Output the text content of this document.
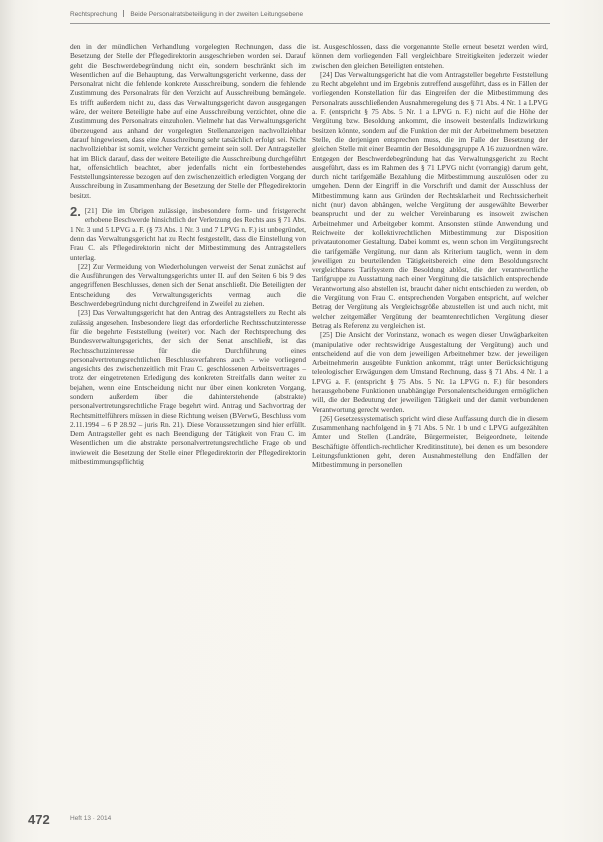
Rechtsprechung Beide Personalratsbeteiligung in der zweiten Leitungsebene

den in der mündlichen Verhandlung vorgelegten Rechnungen, dass die Besetzung der Stelle der Pflegedirektorin ausgeschrieben worden sei. Darauf geht die Beschwerdebegründung nicht ein, sondern beschränkt sich im Wesentlichen auf die Behauptung, das Verwaltungsgericht verkenne, dass der Personalrat nicht die fehlende konkrete Ausschreibung, sondern die fehlende Zustimmung des Personalrats für den Verzicht auf Ausschreibung bemängele. Es trifft außerdem nicht zu, dass das Verwaltungsgericht davon ausgegangen wäre, der weitere Beteiligte habe auf eine Ausschreibung verzichtet, ohne die Zustimmung des Personalrats einzuholen. Vielmehr hat das Verwaltungsgericht überzeugend aus anhand der vorgelegten Stellenanzeigen nachvollziehbar darauf hingewiesen, dass eine Ausschreibung sehr tatsächlich erfolgt sei. Nicht nachvollziehbar ist somit, welcher Verzicht gemeint sein soll. Der Antragsteller hat im Blick darauf, dass der weitere Beteiligte die Ausschreibung durchgeführt hat, offensichtlich beachtet, aber jedenfalls nicht ein fortbestehendes Feststellungsinteresse bezogen auf den zwischenzeitlich erledigten Vorgang der Ausschreibung in Zusammenhang der Besetzung der Stelle der Pflegedirektorin besitzt.

2. [21] Die im Übrigen zulässige, insbesondere form- und fristgerecht erhobene Beschwerde hinsichtlich der Verletzung des Rechts aus § 71 Abs. 1 Nr. 3 und 5 LPVG a. F. (§ 73 Abs. 1 Nr. 3 und 7 LPVG n. F.) ist unbegründet, denn das Verwaltungsgericht hat zu Recht festgestellt, dass die Einstellung von Frau C. als Pflegedirektorin nicht der Mitbestimmung des Antragstellers unterlag.

[22] Zur Vermeidung von Wiederholungen verweist der Senat zunächst auf die Ausführungen des Verwaltungsgerichts unter II. auf den Seiten 6 bis 9 des angegriffenen Beschlusses, denen sich der Senat anschließt. Die Beteiligten der Entscheidung des Verwaltungsgerichts vermag auch die Beschwerdebegründung nicht durchgreifend in Zweifel zu ziehen.

[23] Das Verwaltungsgericht hat den Antrag des Antragstellers zu Recht als zulässig angesehen. Insbesondere liegt das erforderliche Rechtsschutzinteresse für die begehrte Feststellung (weiter) vor. Nach der Rechtsprechung des Bundesverwaltungsgerichts, der sich der Senat anschließt, ist das Rechtsschutzinteresse für die Durchführung eines personalvertretungsrechtlichen Beschlussverfahrens auch – wie vorliegend angesichts des zwischenzeitlich mit Frau C. geschlossenen Arbeitsvertrages – trotz der eingetretenen Erledigung des konkreten Streitfalls dann weiter zu bejahen, wenn eine Entscheidung nicht nur über einen konkreten Vorgang, sondern außerdem über die dahinterstehende (abstrakte) personalvertretungsrechtliche Frage begehrt wird. Antrag und Sachvortrag der Rechtsmittelführers müssen in diese Richtung weisen (BVerwG, Beschluss vom 2.11.1994 – 6 P 28.92 – juris Rn. 21). Diese Voraussetzungen sind hier erfüllt. Dem Antragsteller geht es nach Beendigung der Tätigkeit von Frau C. im Wesentlichen um die abstrakte personalvertretungsrechtliche Frage ob und inwieweit die Besetzung der Stelle einer Pflegedirektorin der Pflegedirektorin mitbestimmungspflichtig

ist. Ausgeschlossen, dass die vorgenannte Stelle erneut besetzt werden wird, können dem vorliegenden Fall vergleichbare Streitigkeiten jederzeit wieder zwischen den gleichen Beteiligten entstehen.

[24] Das Verwaltungsgericht hat die vom Antragsteller begehrte Feststellung zu Recht abgelehnt und im Ergebnis zutreffend ausgeführt, dass es in Fällen der vorliegenden Konstellation für das Eingreifen der die Mitbestimmung des Personalrats ausschließenden Ausnahmeregelung des § 71 Abs. 4 Nr. 1 a LPVG a. F. (entspricht § 75 Abs. 5 Nr. 1 a LPVG n. F.) nicht auf die Höhe der Vergütung bzw. Besoldung ankommt, die insoweit bestenfalls Indizwirkung besitzen könnte, sondern auf die Funktion der mit der Arbeitnehmern besetzten Stelle, die derjenigen entsprechen muss, die im Falle der Besetzung der gleichen Stelle mit einer Beamtin der Besoldungsgruppe A 16 zuzuordnen wäre. Entgegen der Beschwerdebegründung hat das Verwaltungsgericht zu Recht ausgeführt, dass es im Rahmen des § 71 LPVG nicht (vorrangig) darum geht, durch nicht tarifgemäße Bezahlung die Mitbestimmung auszulösen oder zu umgehen. Denn der Eingriff in die Vorschrift und damit der Ausschluss der Mitbestimmung kann aus Gründen der Rechtsklarheit und Rechtssicherheit nicht (nur) davon abhängen, welche Vergütung der ausgewählte Bewerber beansprucht und der zu welcher Vereinbarung es insoweit zwischen Arbeitnehmer und Arbeitgeber kommt. Ansonsten stünde Anwendung und Reichweite der kollektivrechtlichen Mitbestimmung zur Disposition privatautonomer Gestaltung. Dabei kommt es, wenn schon im Vergütungsrecht die tarifgemäße Vergütung, nur dann als Kriterium tauglich, wenn in dem jeweiligen zu beurteilenden Tätigkeitsbereich eine dem Besoldungsrecht vergleichbares Tarifsystem die Besoldung ablöst, die der verantwortliche Tarifgruppe zu Ausstattung nach einer Vergütung die tatsächlich entsprechende Verantwortung also abstellen ist, braucht daher nicht entschieden zu werden, ob die Vergütung von Frau C. entsprechenden Vorgaben entspricht, auf welcher Betrag der Vergütung als Vergleichsgröße abzustellen ist und auch nicht, mit welcher zeitgemäßer Vergütung der beamtenrechtlichen Vergütung dieser Betrag als Referenz zu vergleichen ist.

[25] Die Ansicht der Vorinstanz, wonach es wegen dieser Unwägbarkeiten (manipulative oder rechtswidrige Ausgestaltung der Vergütung) auch und entscheidend auf die von dem jeweiligen Arbeitnehmer bzw. der jeweiligen Arbeitnehmerin ausgeübte Funktion ankommt, trägt unter Berücksichtigung teleologischer Erwägungen dem Umstand Rechnung, dass § 71 Abs. 4 Nr. 1 a LPVG a. F. (entspricht § 75 Abs. 5 Nr. 1a LPVG n. F.) für besonders herausgehobene Funktionen unabhängige Personalentscheidungen ermöglichen will, die der Bedeutung der jeweiligen Tätigkeit und der damit verbundenen Verantwortung gerecht werden.

[26] Gesetzessystematisch spricht wird diese Auffassung durch die in diesem Zusammenhang nachfolgend in § 71 Abs. 5 Nr. 1 b und c LPVG aufgezählten Ämter und Stellen (Landräte, Bürgermeister, Beigeordnete, leitende Beschäftigte öffentlich-rechtlicher Kreditinstitute), bei denen es um besondere Leitungsfunktionen geht, deren Ausnahmestellung den Endfällen der Mitbestimmung in personellen

472	Heft 13 · 2014
